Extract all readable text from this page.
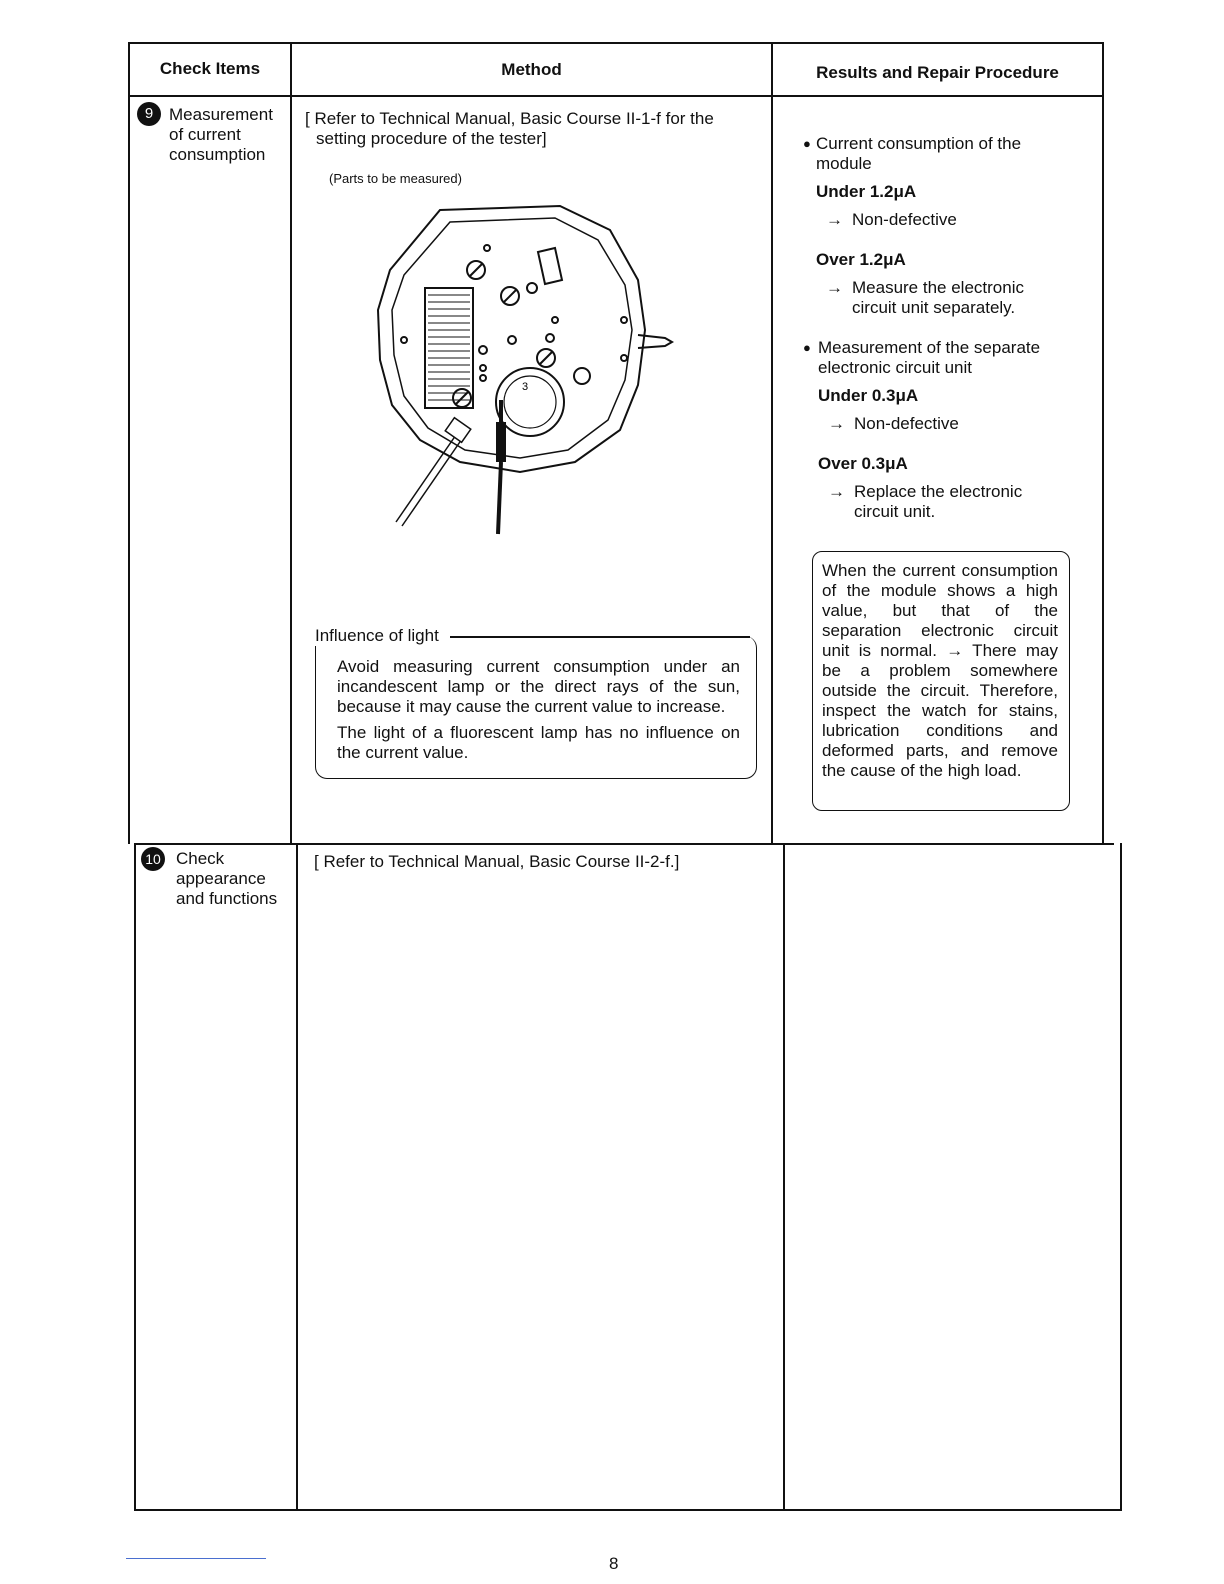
Check Items	Method	Results and Repair Procedure
9 Measurement
of current
consumption
[ Refer to Technical Manual, Basic Course II-1-f for the
setting procedure of the tester]
(Parts to be measured)
3
Influence of light

Avoid measuring current consumption under an incandescent lamp or the direct rays of the sun, because it may cause the current value to increase.

The light of a fluorescent lamp has no influence on the current value.

● Current consumption of the module
Under 1.2μA
→ Non-defective
Over 1.2μA
→ Measure the electronic circuit unit separately.
● Measurement of the separate electronic circuit unit
Under 0.3μA
→ Non-defective
Over 0.3μA
→ Replace the electronic circuit unit.
When the current consumption of the module shows a high value, but that of the separation electronic circuit unit is normal. → There may be a problem somewhere outside the circuit. Therefore, inspect the watch for stains, lubrication conditions and deformed parts, and remove the cause of the high load.
10 Check
appearance
and functions
[ Refer to Technical Manual, Basic Course II-2-f.]
8
